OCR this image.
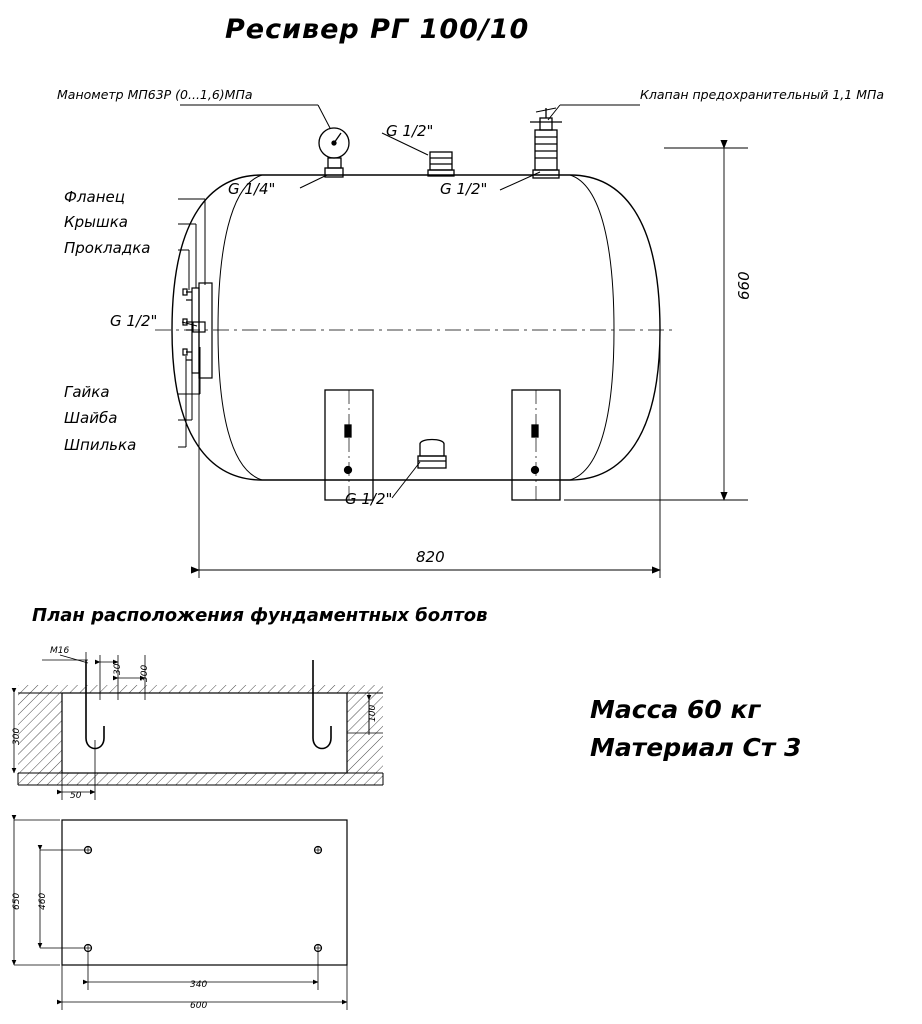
Ресивер РГ 100/10
Манометр МП63Р (0...1,6)МПа	Клапан предохранительный 1,1 МПа
Фланец
Крышка
Прокладка
Гайка
Шайба
Шпилька
G 1/2"
G 1/4"
G 1/2"
G 1/2"
G 1/2"
660
820
План расположения фундаментных болтов
М16
30 300
300
100
50
650 460
340
600
Масса 60 кг
Материал Ст 3
